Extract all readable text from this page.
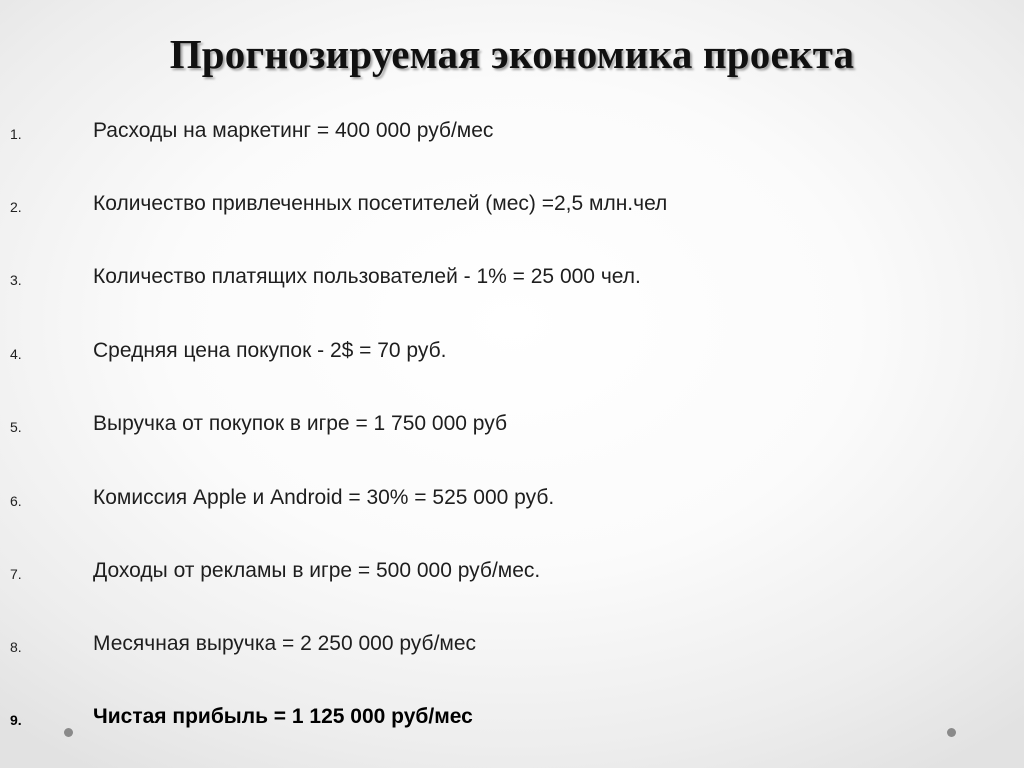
Прогнозируемая экономика проекта
1.	Расходы на маркетинг = 400 000 руб/мес
2.	Количество привлеченных посетителей (мес) =2,5 млн.чел
3.	Количество платящих пользователей - 1% = 25 000 чел.
4.	Средняя цена покупок - 2$ = 70 руб.
5.	Выручка от покупок в игре = 1 750 000 руб
6.	Комиссия Apple и Android = 30% = 525 000 руб.
7.	Доходы от рекламы в игре = 500 000 руб/мес.
8.	Месячная выручка = 2 250 000 руб/мес
9.	Чистая прибыль = 1 125 000 руб/мес
